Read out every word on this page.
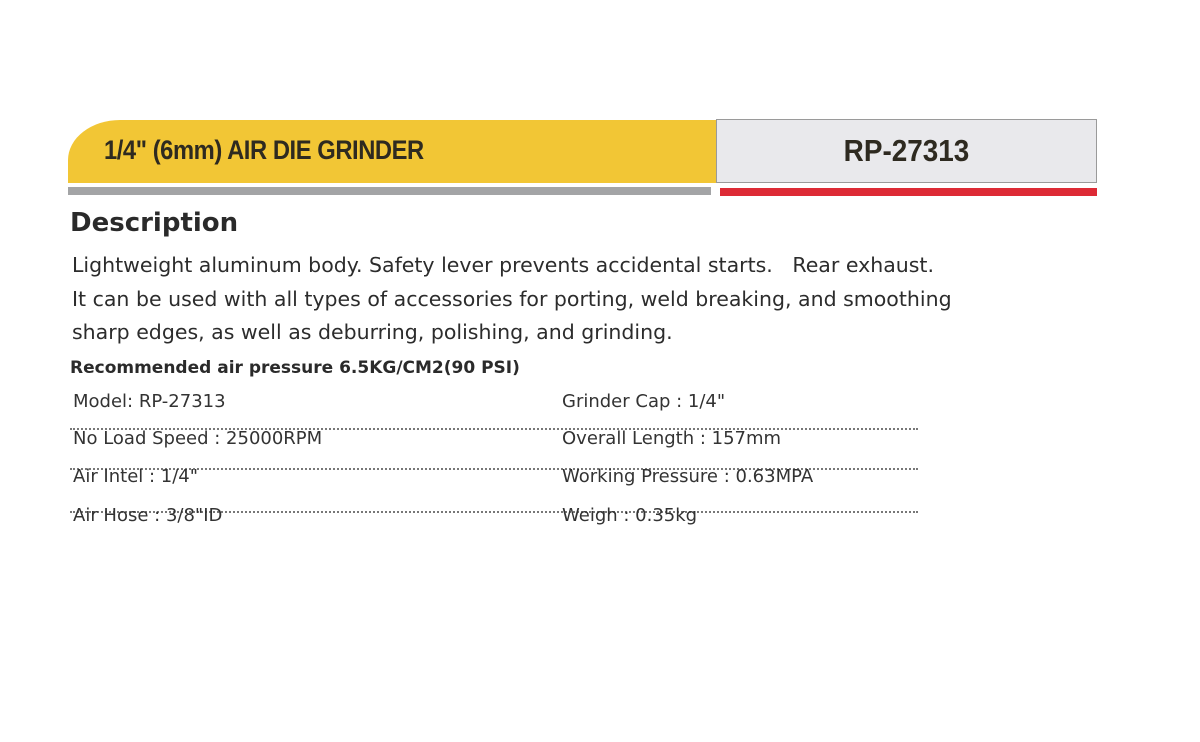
1/4" (6mm) AIR DIE GRINDER	RP-27313
Description
Lightweight aluminum body. Safety lever prevents accidental starts.   Rear exhaust.
It can be used with all types of accessories for porting, weld breaking, and smoothing
sharp edges, as well as deburring, polishing, and grinding.
Recommended air pressure 6.5KG/CM2(90 PSI)
Model: RP-27313	Grinder Cap : 1/4"
No Load Speed : 25000RPM	Overall Length : 157mm
Air Intel : 1/4"	Working Pressure : 0.63MPA
Air Hose : 3/8"ID	Weigh : 0.35kg
